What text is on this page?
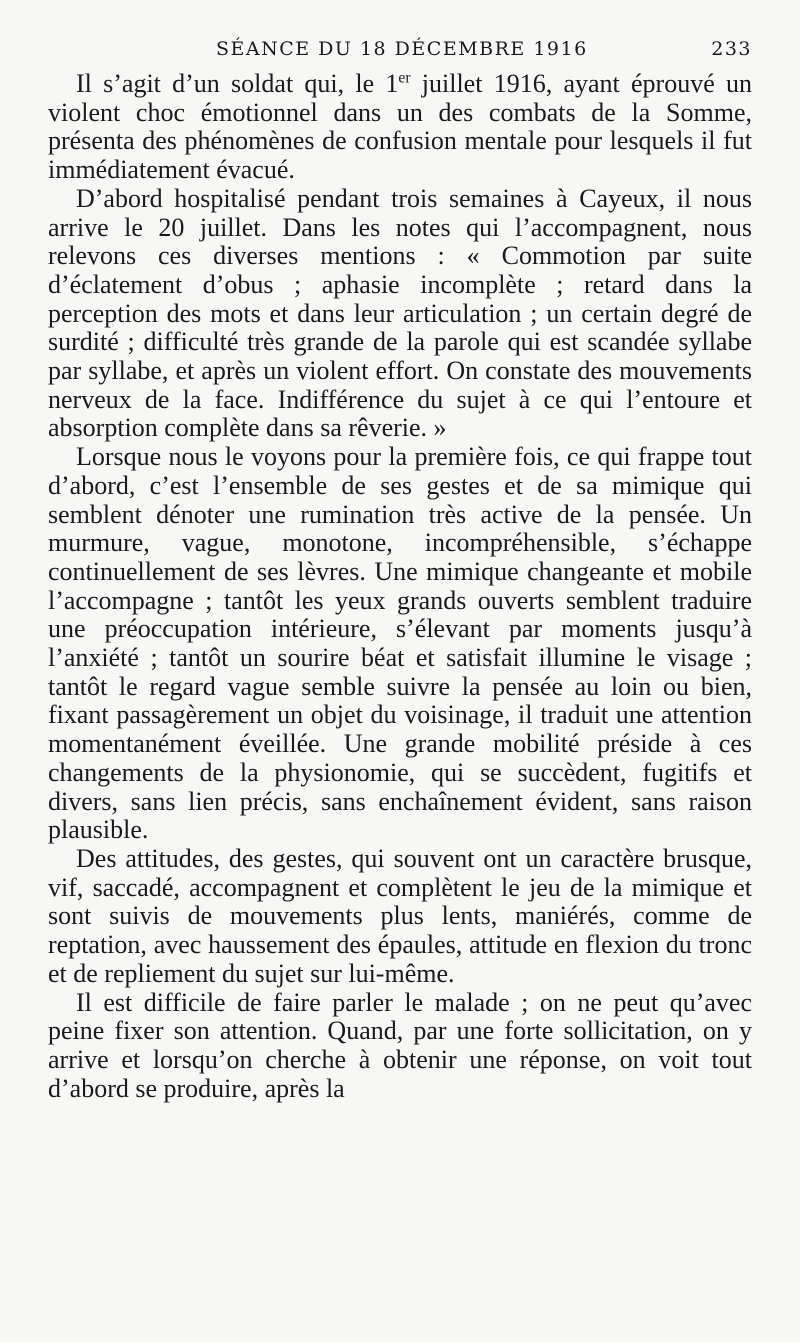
SÉANCE DU 18 DÉCEMBRE 1916	233

Il s’agit d’un soldat qui, le 1er juillet 1916, ayant éprouvé un violent choc émotionnel dans un des combats de la Somme, présenta des phénomènes de confusion mentale pour lesquels il fut immédiatement évacué.

D’abord hospitalisé pendant trois semaines à Cayeux, il nous arrive le 20 juillet. Dans les notes qui l’accompagnent, nous relevons ces diverses mentions : « Commotion par suite d’éclatement d’obus ; aphasie incomplète ; retard dans la perception des mots et dans leur articulation ; un certain degré de surdité ; difficulté très grande de la parole qui est scandée syllabe par syllabe, et après un violent effort. On constate des mouvements nerveux de la face. Indifférence du sujet à ce qui l’entoure et absorption complète dans sa rêverie. »

Lorsque nous le voyons pour la première fois, ce qui frappe tout d’abord, c’est l’ensemble de ses gestes et de sa mimique qui semblent dénoter une rumination très active de la pensée. Un murmure, vague, monotone, incompréhensible, s’échappe continuellement de ses lèvres. Une mimique changeante et mobile l’accompagne ; tantôt les yeux grands ouverts semblent traduire une préoccupation intérieure, s’élevant par moments jusqu’à l’anxiété ; tantôt un sourire béat et satisfait illumine le visage ; tantôt le regard vague semble suivre la pensée au loin ou bien, fixant passagèrement un objet du voisinage, il traduit une attention momentanément éveillée. Une grande mobilité préside à ces changements de la physionomie, qui se succèdent, fugitifs et divers, sans lien précis, sans enchaînement évident, sans raison plausible.

Des attitudes, des gestes, qui souvent ont un caractère brusque, vif, saccadé, accompagnent et complètent le jeu de la mimique et sont suivis de mouvements plus lents, maniérés, comme de reptation, avec haussement des épaules, attitude en flexion du tronc et de repliement du sujet sur lui-même.

Il est difficile de faire parler le malade ; on ne peut qu’avec peine fixer son attention. Quand, par une forte sollicitation, on y arrive et lorsqu’on cherche à obtenir une réponse, on voit tout d’abord se produire, après la
